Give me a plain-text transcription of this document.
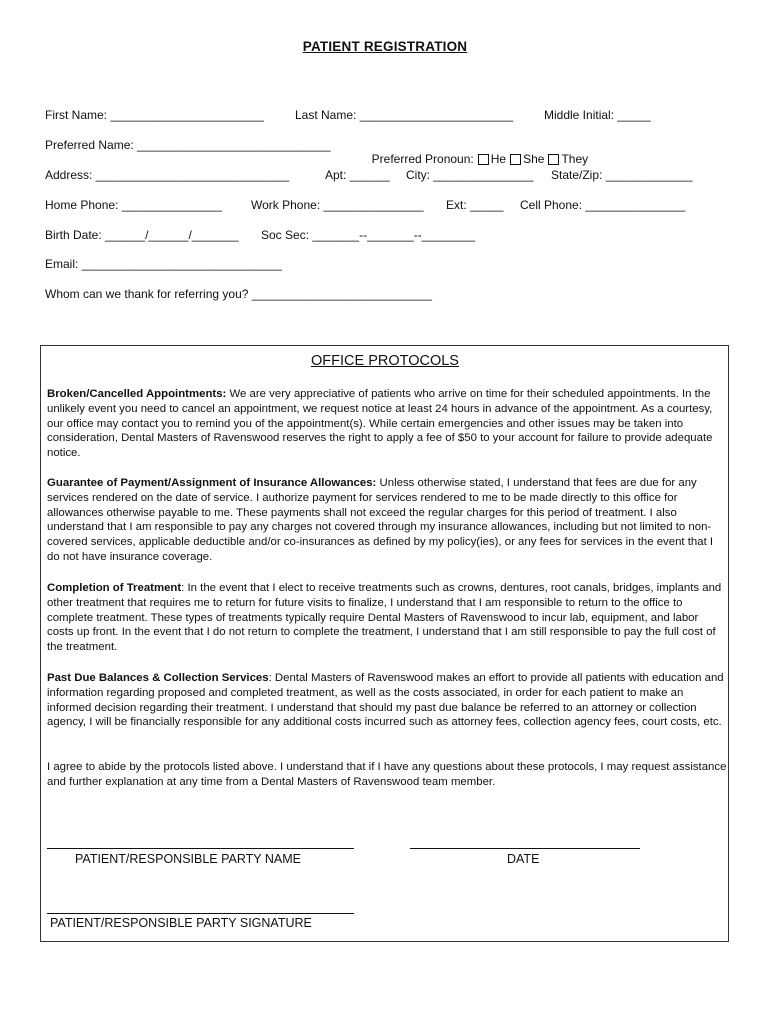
PATIENT REGISTRATION
First Name: _______________________	Last Name: _______________________	Middle Initial: _____
Preferred Name: _____________________________

Preferred Pronoun: He She They

Address: _____________________________	Apt: ______ City: _______________ State/Zip: _____________
Home Phone: _______________ Work Phone: _______________ Ext: _____ Cell Phone: _______________
Birth Date: ______/______/_______ Soc Sec: _______--_______--________
Email: ______________________________
Whom can we thank for referring you? ___________________________
OFFICE PROTOCOLS
Broken/Cancelled Appointments: We are very appreciative of patients who arrive on time for their scheduled appointments. In the unlikely event you need to cancel an appointment, we request notice at least 24 hours in advance of the appointment. As a courtesy, our office may contact you to remind you of the appointment(s). While certain emergencies and other issues may be taken into consideration, Dental Masters of Ravenswood reserves the right to apply a fee of $50 to your account for failure to provide adequate notice.
Guarantee of Payment/Assignment of Insurance Allowances: Unless otherwise stated, I understand that fees are due for any services rendered on the date of service. I authorize payment for services rendered to me to be made directly to this office for allowances otherwise payable to me. These payments shall not exceed the regular charges for this period of treatment. I also understand that I am responsible to pay any charges not covered through my insurance allowances, including but not limited to non-covered services, applicable deductible and/or co-insurances as defined by my policy(ies), or any fees for services in the event that I do not have insurance coverage.
Completion of Treatment: In the event that I elect to receive treatments such as crowns, dentures, root canals, bridges, implants and other treatment that requires me to return for future visits to finalize, I understand that I am responsible to return to the office to complete treatment. These types of treatments typically require Dental Masters of Ravenswood to incur lab, equipment, and labor costs up front. In the event that I do not return to complete the treatment, I understand that I am still responsible to pay the full cost of the treatment.
Past Due Balances & Collection Services: Dental Masters of Ravenswood makes an effort to provide all patients with education and information regarding proposed and completed treatment, as well as the costs associated, in order for each patient to make an informed decision regarding their treatment. I understand that should my past due balance be referred to an attorney or collection agency, I will be financially responsible for any additional costs incurred such as attorney fees, collection agency fees, court costs, etc.
I agree to abide by the protocols listed above. I understand that if I have any questions about these protocols, I may request assistance and further explanation at any time from a Dental Masters of Ravenswood team member.
PATIENT/RESPONSIBLE PARTY NAME	DATE
PATIENT/RESPONSIBLE PARTY SIGNATURE
